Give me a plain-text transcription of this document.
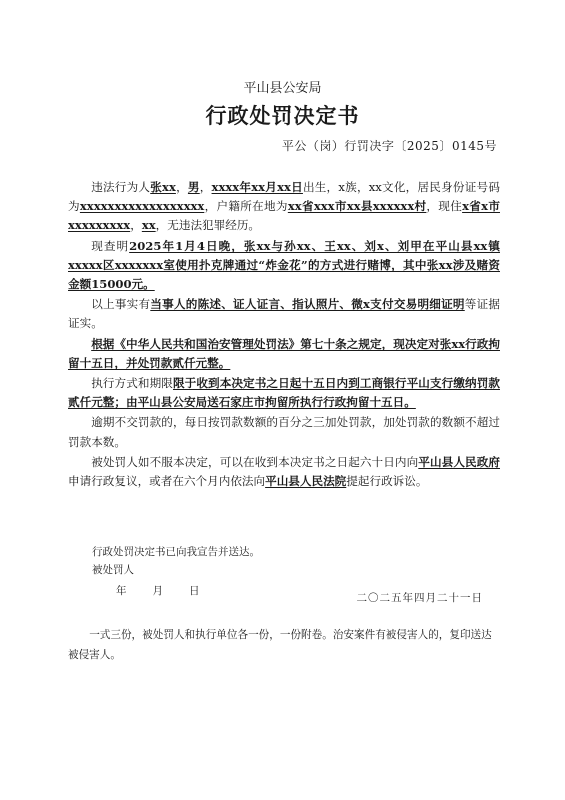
平山县公安局
行政处罚决定书
平公（岗）行罚决字〔2025〕0145号

违法行为人张xx，男，xxxx年xx月xx日出生，x族，xx文化，居民身份证号码为xxxxxxxxxxxxxxxxxx，户籍所在地为xx省xxx市xx县xxxxxx村，现住x省x市xxxxxxxxx，xx，无违法犯罪经历。

现查明2025年1月4日晚，张xx与孙xx、王xx、刘x、刘甲在平山县xx镇xxxxx区xxxxxxx室使用扑克牌通过“炸金花”的方式进行赌博，其中张xx涉及赌资金额15000元。

以上事实有当事人的陈述、证人证言、指认照片、微x支付交易明细证明等证据证实。

根据《中华人民共和国治安管理处罚法》第七十条之规定，现决定对张xx行政拘留十五日，并处罚款贰仟元整。

执行方式和期限限于收到本决定书之日起十五日内到工商银行平山支行缴纳罚款贰仟元整；由平山县公安局送石家庄市拘留所执行行政拘留十五日。

逾期不交罚款的，每日按罚款数额的百分之三加处罚款，加处罚款的数额不超过罚款本数。

被处罚人如不服本决定，可以在收到本决定书之日起六十日内向平山县人民政府 申请行政复议，或者在六个月内依法向平山县人民法院提起行政诉讼。

行政处罚决定书已向我宣告并送达。
被处罚人
年 月 日
二〇二五年四月二十一日
一式三份，被处罚人和执行单位各一份，一份附卷。治安案件有被侵害人的，复印送达被侵害人。
